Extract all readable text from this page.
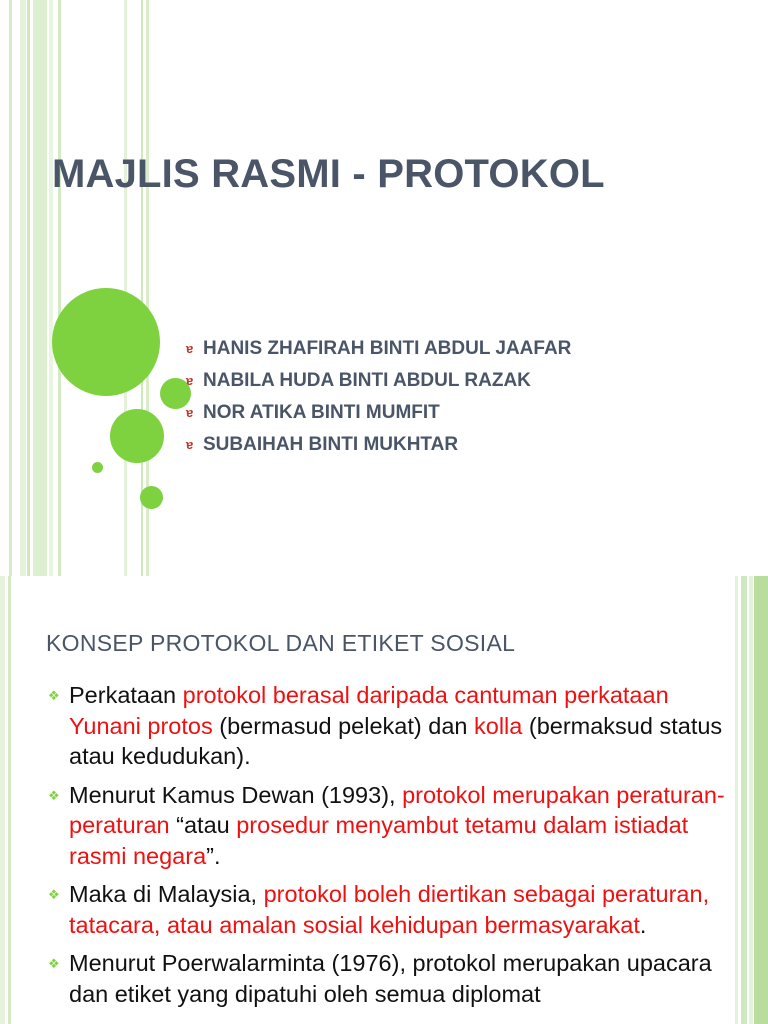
MAJLIS RASMI - PROTOKOL
ɐ HANIS ZHAFIRAH BINTI ABDUL JAAFAR
ɐ NABILA HUDA BINTI ABDUL RAZAK
ɐ NOR ATIKA BINTI MUMFIT
ɐ SUBAIHAH BINTI MUKHTAR
KONSEP PROTOKOL DAN ETIKET SOSIAL
❖ Perkataan protokol berasal daripada cantuman perkataan Yunani protos (bermasud pelekat) dan kolla (bermaksud status atau kedudukan).
❖ Menurut Kamus Dewan (1993), protokol merupakan peraturan-peraturan “atau prosedur menyambut tetamu dalam istiadat rasmi negara”.
❖ Maka di Malaysia, protokol boleh diertikan sebagai peraturan, tatacara, atau amalan sosial kehidupan bermasyarakat.
❖ Menurut Poerwalarminta (1976), protokol merupakan upacara dan etiket yang dipatuhi oleh semua diplomat
